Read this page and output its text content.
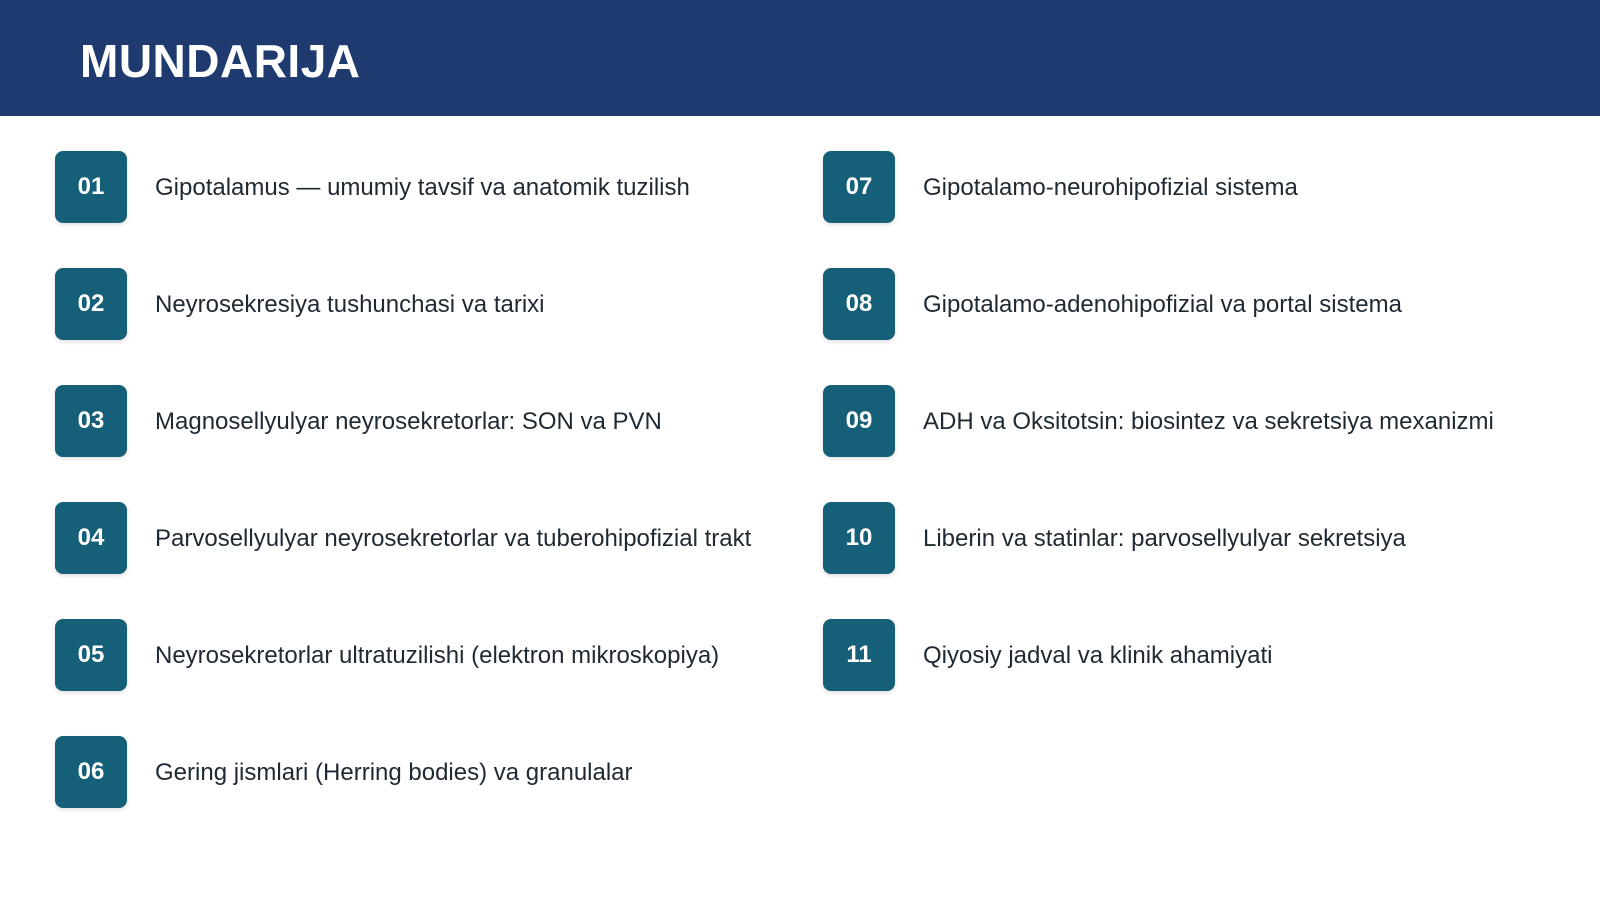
MUNDARIJA
01	Gipotalamus — umumiy tavsif va anatomik tuzilish
02	Neyrosekresiya tushunchasi va tarixi
03	Magnosellyulyar neyrosekretorlar: SON va PVN
04	Parvosellyulyar neyrosekretorlar va tuberohipofizial trakt
05	Neyrosekretorlar ultratuzilishi (elektron mikroskopiya)
06	Gering jismlari (Herring bodies) va granulalar
07	Gipotalamo-neurohipofizial sistema
08	Gipotalamo-adenohipofizial va portal sistema
09	ADH va Oksitotsin: biosintez va sekretsiya mexanizmi
10	Liberin va statinlar: parvosellyulyar sekretsiya
11	Qiyosiy jadval va klinik ahamiyati
